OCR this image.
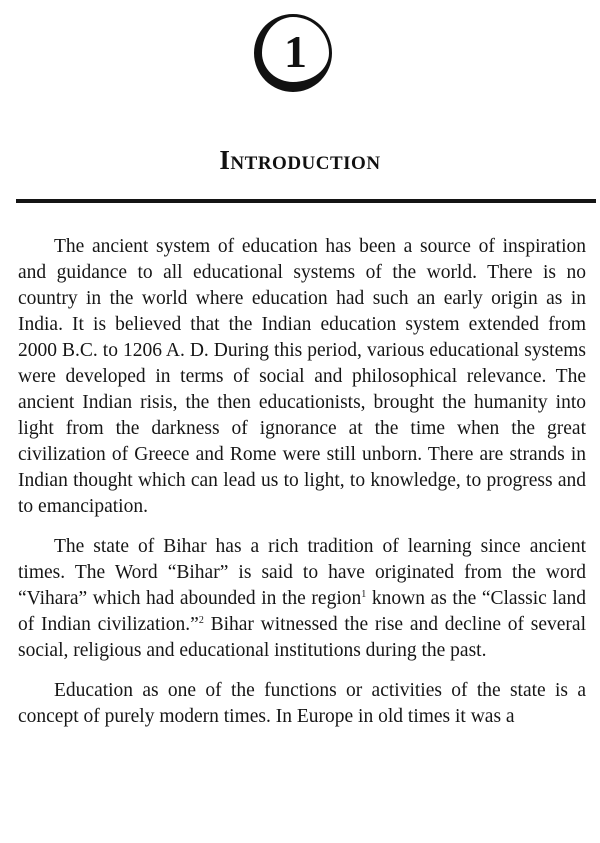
1
Introduction

The ancient system of education has been a source of inspiration and guidance to all educational systems of the world. There is no country in the world where education had such an early origin as in India. It is believed that the Indian education system extended from 2000 B.C. to 1206 A. D. During this period, various educational systems were developed in terms of social and philosophical relevance. The ancient Indian risis, the then educationists, brought the humanity into light from the darkness of ignorance at the time when the great civilization of Greece and Rome were still unborn. There are strands in Indian thought which can lead us to light, to knowledge, to progress and to emancipation.

The state of Bihar has a rich tradition of learning since ancient times. The Word “Bihar” is said to have originated from the word “Vihara” which had abounded in the region$^1$ known as the “Classic land of Indian civilization.”$^2$ Bihar witnessed the rise and decline of several social, religious and educational institutions during the past.

Education as one of the functions or activities of the state is a concept of purely modern times. In Europe in old times it was a
